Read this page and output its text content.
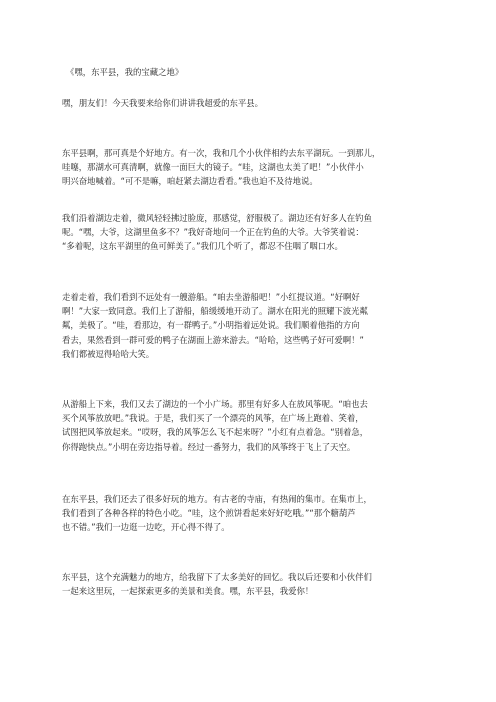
《嘿，东平县，我的宝藏之地》
嘿，朋友们！今天我要来给你们讲讲我超爱的东平县。
东平县啊，那可真是个好地方。有一次，我和几个小伙伴相约去东平湖玩。一到那儿，
哇噻，那湖水可真清啊，就像一面巨大的镜子。“哇，这湖也太美了吧！”小伙伴小
明兴奋地喊着。“可不是嘛，咱赶紧去湖边看看。”我也迫不及待地说。
我们沿着湖边走着，微风轻轻拂过脸庞，那感觉，舒服极了。湖边还有好多人在钓鱼
呢。“嘿，大爷，这湖里鱼多不？”我好奇地问一个正在钓鱼的大爷。大爷笑着说：
“多着呢，这东平湖里的鱼可鲜美了。”我们几个听了，都忍不住咽了咽口水。
走着走着，我们看到不远处有一艘游船。“咱去坐游船吧！”小红提议道。“好啊好
啊！”大家一致同意。我们上了游船，船缓缓地开动了。湖水在阳光的照耀下波光粼
粼，美极了。“哇，看那边，有一群鸭子。”小明指着远处说。我们顺着他指的方向
看去，果然看到一群可爱的鸭子在湖面上游来游去。“哈哈，这些鸭子好可爱啊！”
我们都被逗得哈哈大笑。
从游船上下来，我们又去了湖边的一个小广场。那里有好多人在放风筝呢。“咱也去
买个风筝放放吧。”我说。于是，我们买了一个漂亮的风筝，在广场上跑着、笑着，
试图把风筝放起来。“哎呀，我的风筝怎么飞不起来呀？”小红有点着急。“别着急，
你得跑快点。”小明在旁边指导着。经过一番努力，我们的风筝终于飞上了天空。
在东平县，我们还去了很多好玩的地方。有古老的寺庙，有热闹的集市。在集市上，
我们看到了各种各样的特色小吃。“哇，这个煎饼看起来好好吃哦。”“那个糖葫芦
也不错。”我们一边逛一边吃，开心得不得了。
东平县，这个充满魅力的地方，给我留下了太多美好的回忆。我以后还要和小伙伴们
一起来这里玩，一起探索更多的美景和美食。嘿，东平县，我爱你！
